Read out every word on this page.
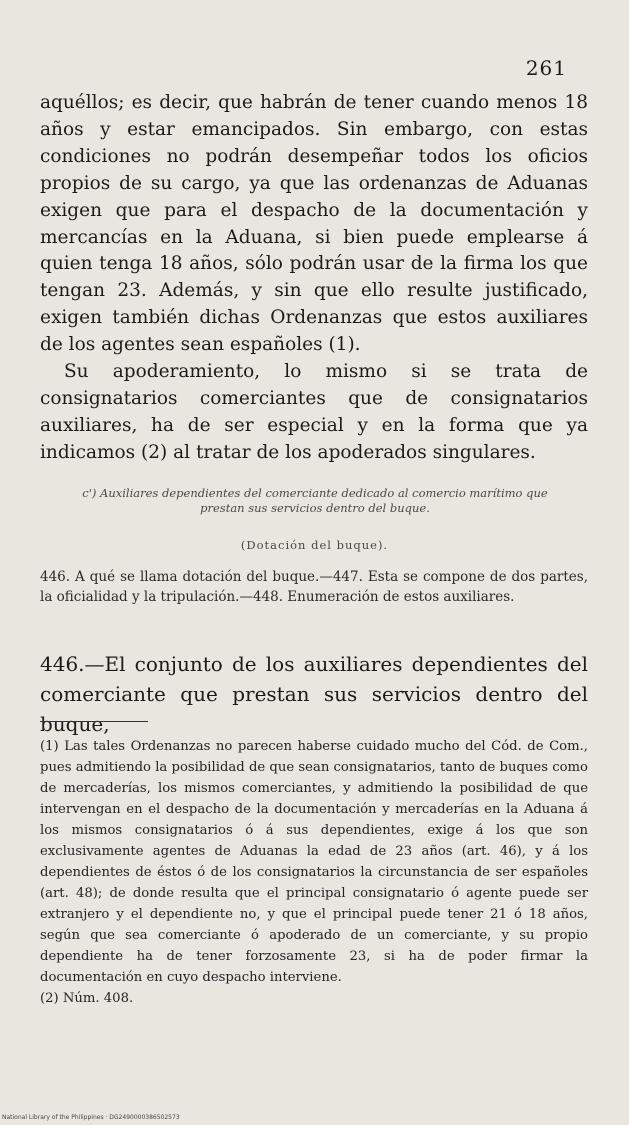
261

aquéllos; es decir, que habrán de tener cuando menos 18 años y estar emancipados. Sin embargo, con estas condiciones no podrán desempeñar todos los oficios propios de su cargo, ya que las ordenanzas de Aduanas exigen que para el despacho de la documentación y mercancías en la Aduana, si bien puede emplearse á quien tenga 18 años, sólo podrán usar de la firma los que tengan 23. Además, y sin que ello resulte justificado, exigen también dichas Ordenanzas que estos auxiliares de los agentes sean españoles (1).

Su apoderamiento, lo mismo si se trata de consignatarios comerciantes que de consignatarios auxiliares, ha de ser especial y en la forma que ya indicamos (2) al tratar de los apoderados singulares.

c') Auxiliares dependientes del comerciante dedicado al comercio marítimo que prestan sus servicios dentro del buque.
(Dotación del buque).
446. A qué se llama dotación del buque.—447. Esta se compone de dos partes, la oficialidad y la tripulación.—448. Enumeración de estos auxiliares.
446.—El conjunto de los auxiliares dependientes del comerciante que prestan sus servicios dentro del buque,

(1) Las tales Ordenanzas no parecen haberse cuidado mucho del Cód. de Com., pues admitiendo la posibilidad de que sean consignatarios, tanto de buques como de mercaderías, los mismos comerciantes, y admitiendo la posibilidad de que intervengan en el despacho de la documentación y mercaderías en la Aduana á los mismos consignatarios ó á sus dependientes, exige á los que son exclusivamente agentes de Aduanas la edad de 23 años (art. 46), y á los dependientes de éstos ó de los consignatarios la circunstancia de ser españoles (art. 48); de donde resulta que el principal consignatario ó agente puede ser extranjero y el dependiente no, y que el principal puede tener 21 ó 18 años, según que sea comerciante ó apoderado de un comerciante, y su propio dependiente ha de tener forzosamente 23, si ha de poder firmar la documentación en cuyo despacho interviene.

(2) Núm. 408.

National Library of the Philippines · DG2490000386502573
